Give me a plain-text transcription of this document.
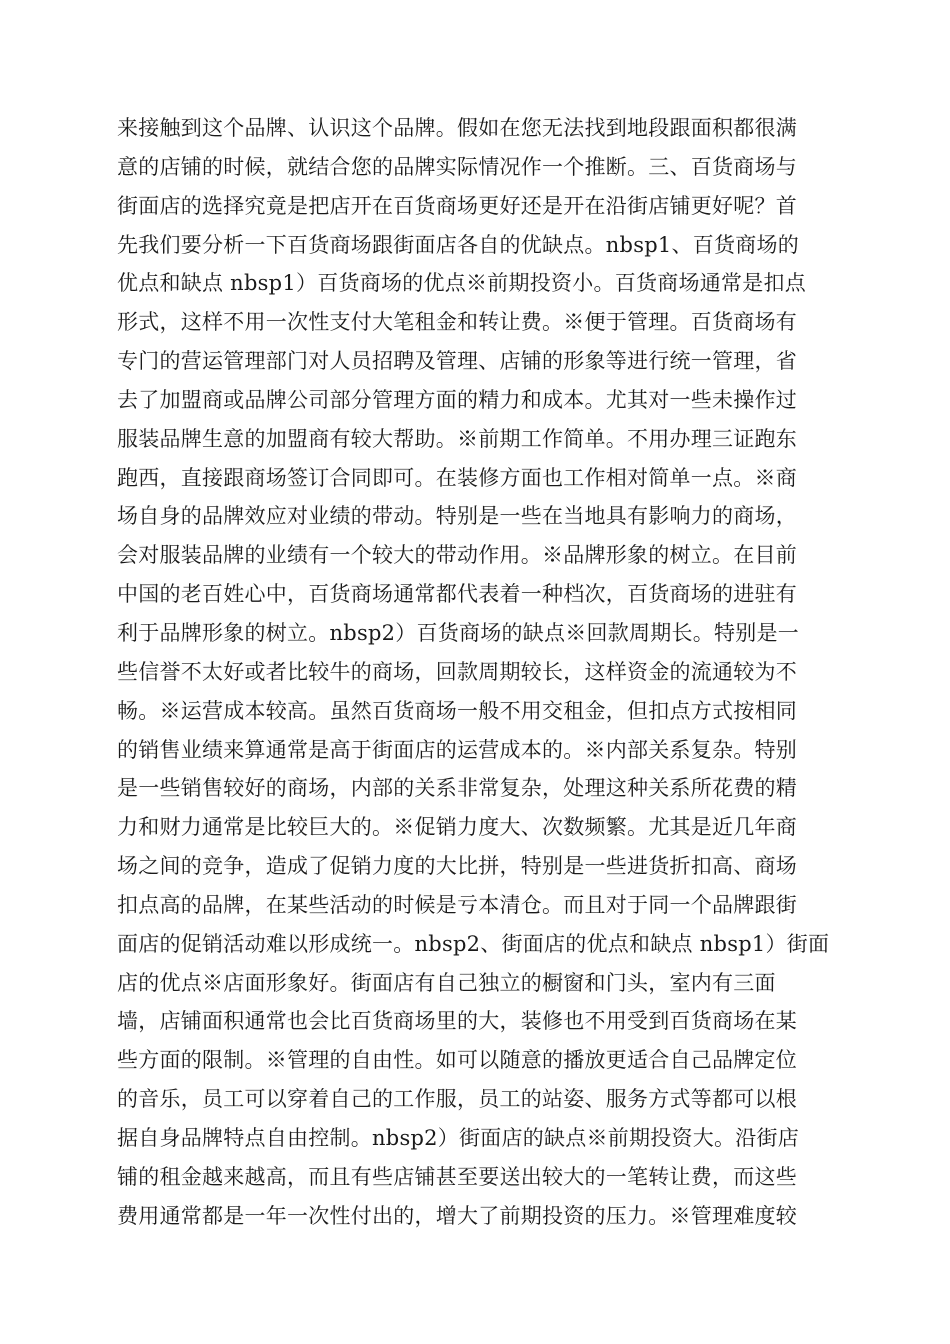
来接触到这个品牌、认识这个品牌。假如在您无法找到地段跟面积都很满
意的店铺的时候，就结合您的品牌实际情况作一个推断。三、百货商场与
街面店的选择究竟是把店开在百货商场更好还是开在沿街店铺更好呢？首
先我们要分析一下百货商场跟街面店各自的优缺点。nbsp1、百货商场的
优点和缺点 nbsp1）百货商场的优点※前期投资小。百货商场通常是扣点
形式，这样不用一次性支付大笔租金和转让费。※便于管理。百货商场有
专门的营运管理部门对人员招聘及管理、店铺的形象等进行统一管理，省
去了加盟商或品牌公司部分管理方面的精力和成本。尤其对一些未操作过
服装品牌生意的加盟商有较大帮助。※前期工作简单。不用办理三证跑东
跑西，直接跟商场签订合同即可。在装修方面也工作相对简单一点。※商
场自身的品牌效应对业绩的带动。特别是一些在当地具有影响力的商场，
会对服装品牌的业绩有一个较大的带动作用。※品牌形象的树立。在目前
中国的老百姓心中，百货商场通常都代表着一种档次，百货商场的进驻有
利于品牌形象的树立。nbsp2）百货商场的缺点※回款周期长。特别是一
些信誉不太好或者比较牛的商场，回款周期较长，这样资金的流通较为不
畅。※运营成本较高。虽然百货商场一般不用交租金，但扣点方式按相同
的销售业绩来算通常是高于街面店的运营成本的。※内部关系复杂。特别
是一些销售较好的商场，内部的关系非常复杂，处理这种关系所花费的精
力和财力通常是比较巨大的。※促销力度大、次数频繁。尤其是近几年商
场之间的竞争，造成了促销力度的大比拼，特别是一些进货折扣高、商场
扣点高的品牌，在某些活动的时候是亏本清仓。而且对于同一个品牌跟街
面店的促销活动难以形成统一。nbsp2、街面店的优点和缺点 nbsp1）街面
店的优点※店面形象好。街面店有自己独立的橱窗和门头，室内有三面
墙，店铺面积通常也会比百货商场里的大，装修也不用受到百货商场在某
些方面的限制。※管理的自由性。如可以随意的播放更适合自己品牌定位
的音乐，员工可以穿着自己的工作服，员工的站姿、服务方式等都可以根
据自身品牌特点自由控制。nbsp2）街面店的缺点※前期投资大。沿街店
铺的租金越来越高，而且有些店铺甚至要送出较大的一笔转让费，而这些
费用通常都是一年一次性付出的，增大了前期投资的压力。※管理难度较
